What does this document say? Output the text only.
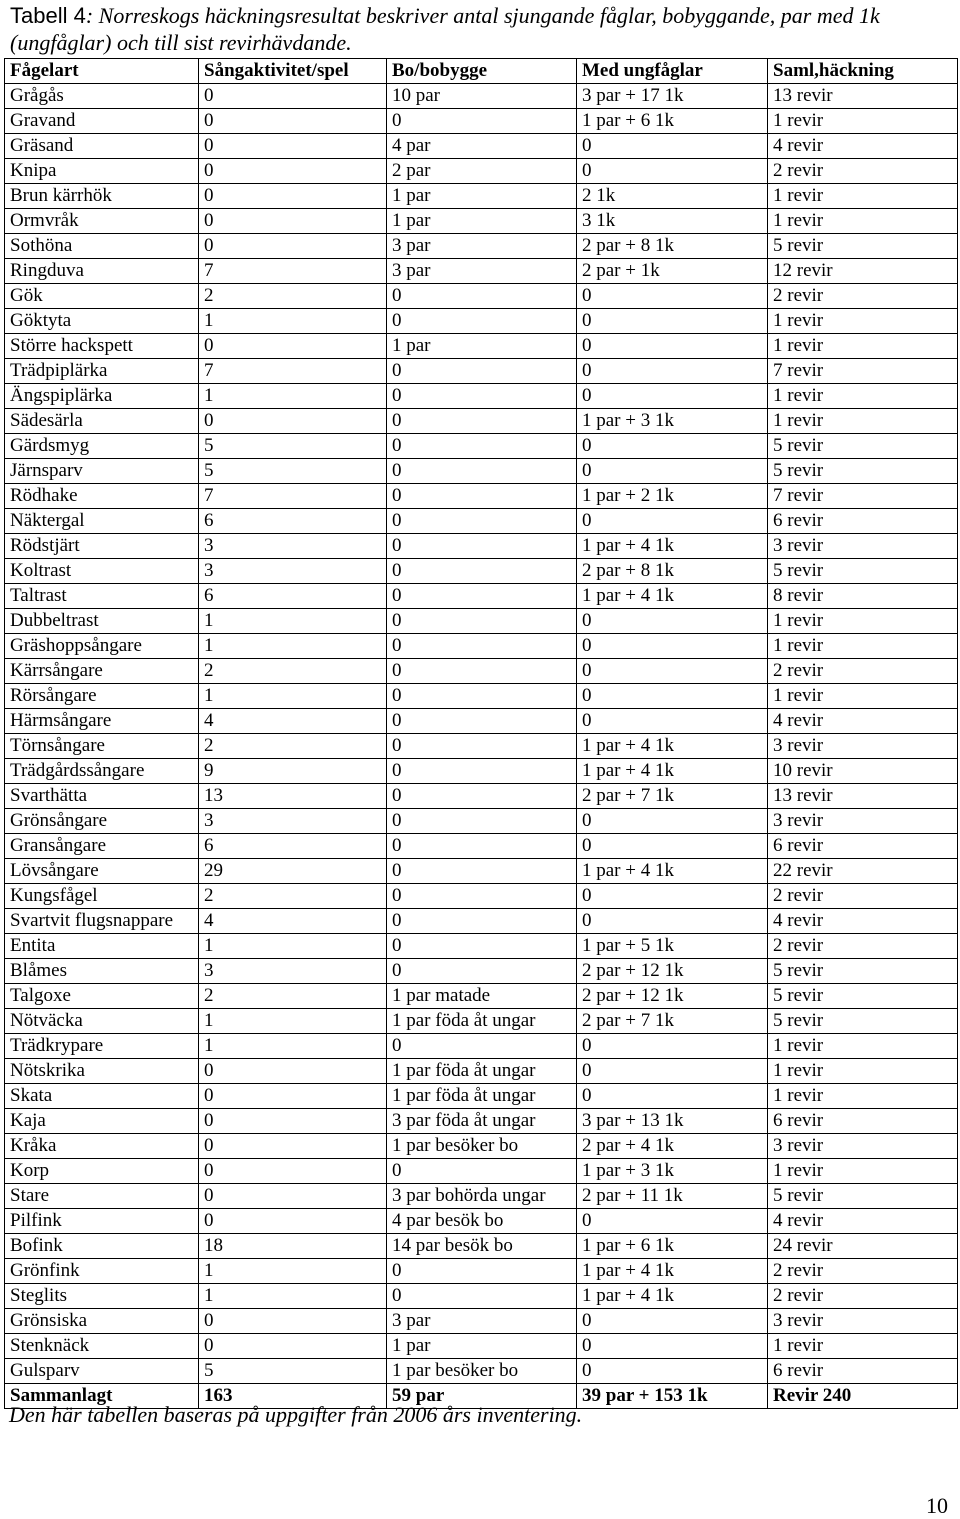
Tabell 4: Norreskogs häckningsresultat beskriver antal sjungande fåglar, bobyggande, par med 1k (ungfåglar) och till sist revirhävdande.
Fågelart	Sångaktivitet/spel	Bo/bobygge	Med ungfåglar	Saml,häckning
Grågås	0	10 par	3 par + 17 1k	13 revir
Gravand	0	0	1 par + 6 1k	1 revir
Gräsand	0	4 par	0	4 revir
Knipa	0	2 par	0	2 revir
Brun kärrhök	0	1 par	2 1k	1 revir
Ormvråk	0	1 par	3 1k	1 revir
Sothöna	0	3 par	2 par + 8 1k	5 revir
Ringduva	7	3 par	2 par + 1k	12 revir
Gök	2	0	0	2 revir
Göktyta	1	0	0	1 revir
Större hackspett	0	1 par	0	1 revir
Trädpiplärka	7	0	0	7 revir
Ängspiplärka	1	0	0	1 revir
Sädesärla	0	0	1 par + 3 1k	1 revir
Gärdsmyg	5	0	0	5 revir
Järnsparv	5	0	0	5 revir
Rödhake	7	0	1 par + 2 1k	7 revir
Näktergal	6	0	0	6 revir
Rödstjärt	3	0	1 par + 4 1k	3 revir
Koltrast	3	0	2 par + 8 1k	5 revir
Taltrast	6	0	1 par + 4 1k	8 revir
Dubbeltrast	1	0	0	1 revir
Gräshoppsångare	1	0	0	1 revir
Kärrsångare	2	0	0	2 revir
Rörsångare	1	0	0	1 revir
Härmsångare	4	0	0	4 revir
Törnsångare	2	0	1 par + 4 1k	3 revir
Trädgårdssångare	9	0	1 par + 4 1k	10 revir
Svarthätta	13	0	2 par + 7 1k	13 revir
Grönsångare	3	0	0	3 revir
Gransångare	6	0	0	6 revir
Lövsångare	29	0	1 par + 4 1k	22 revir
Kungsfågel	2	0	0	2 revir
Svartvit flugsnappare	4	0	0	4 revir
Entita	1	0	1 par + 5 1k	2 revir
Blåmes	3	0	2 par + 12 1k	5 revir
Talgoxe	2	1 par matade	2 par + 12 1k	5 revir
Nötväcka	1	1 par föda åt ungar	2 par + 7 1k	5 revir
Trädkrypare	1	0	0	1 revir
Nötskrika	0	1 par föda åt ungar	0	1 revir
Skata	0	1 par föda åt ungar	0	1 revir
Kaja	0	3 par föda åt ungar	3 par + 13 1k	6 revir
Kråka	0	1 par besöker bo	2 par + 4 1k	3 revir
Korp	0	0	1 par + 3 1k	1 revir
Stare	0	3 par bohörda ungar	2 par + 11 1k	5 revir
Pilfink	0	4 par besök bo	0	4 revir
Bofink	18	14 par besök bo	1 par + 6 1k	24 revir
Grönfink	1	0	1 par + 4 1k	2 revir
Steglits	1	0	1 par + 4 1k	2 revir
Grönsiska	0	3 par	0	3 revir
Stenknäck	0	1 par	0	1 revir
Gulsparv	5	1 par besöker bo	0	6 revir
Sammanlagt	163	59 par	39 par + 153 1k	Revir 240
Den här tabellen baseras på uppgifter från 2006 års inventering.
10
